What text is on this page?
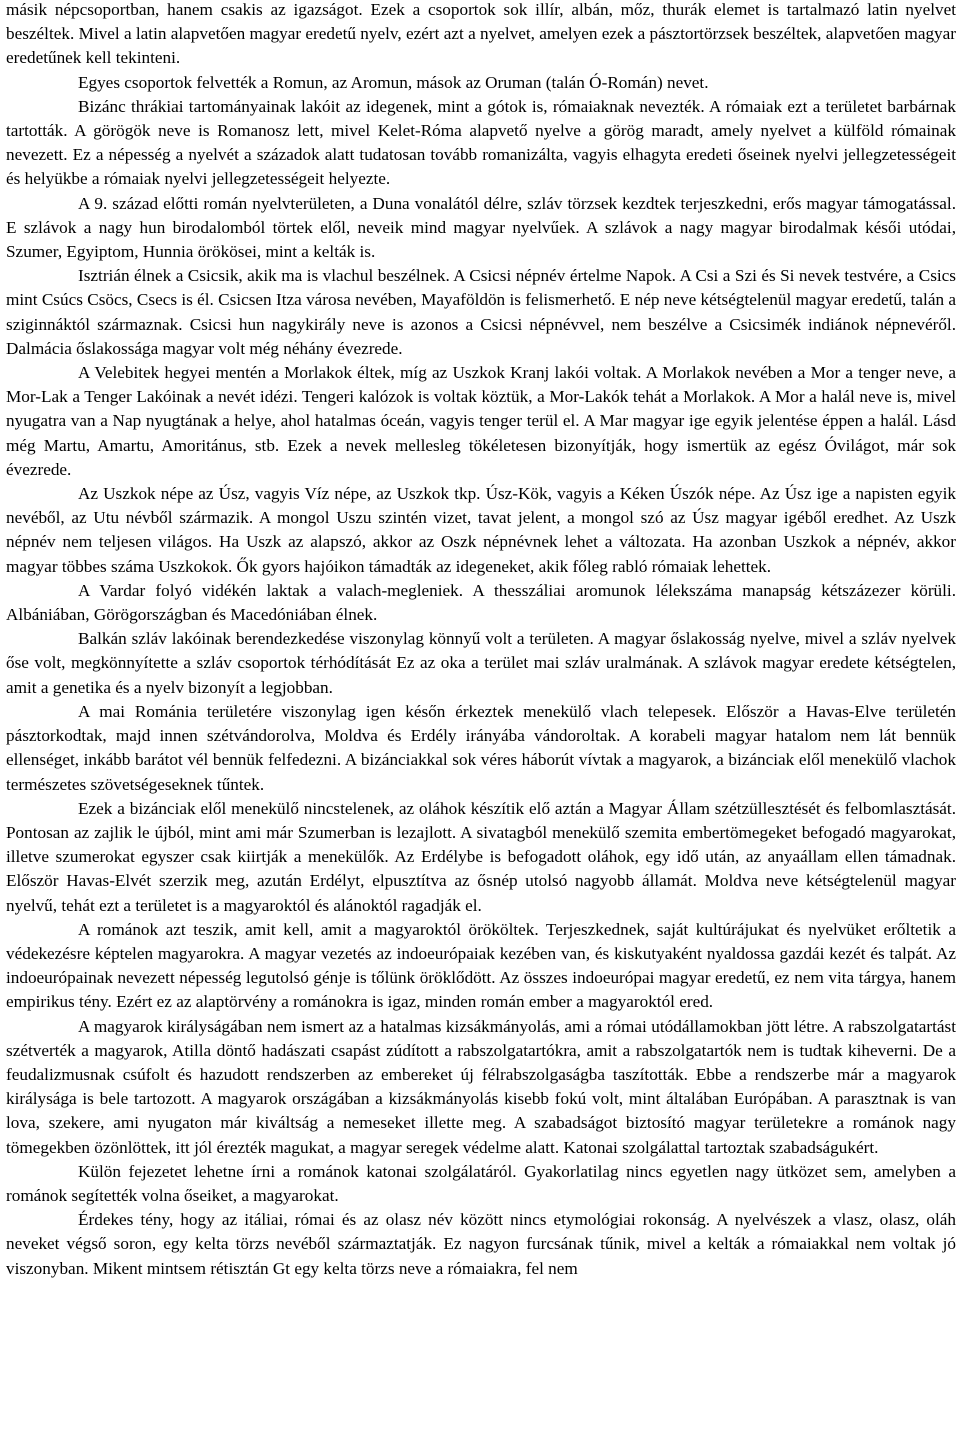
másik népcsoportban, hanem csakis az igazságot. Ezek a csoportok sok illír, albán, mőz, thurák elemet is tartalmazó latin nyelvet beszéltek. Mivel a latin alapvetően magyar eredetű nyelv, ezért azt a nyelvet, amelyen ezek a pásztortörzsek beszéltek, alapvetően magyar eredetűnek kell tekinteni.

Egyes csoportok felvették a Romun, az Aromun, mások az Oruman (talán Ó-Román) nevet.

Bizánc thrákiai tartományainak lakóit az idegenek, mint a gótok is, rómaiaknak nevezték. A rómaiak ezt a területet barbárnak tartották. A görögök neve is Romanosz lett, mivel Kelet-Róma alapvető nyelve a görög maradt, amely nyelvet a külföld rómainak nevezett. Ez a népesség a nyelvét a századok alatt tudatosan tovább romanizálta, vagyis elhagyta eredeti őseinek nyelvi jellegzetességeit és helyükbe a rómaiak nyelvi jellegzetességeit helyezte.

A 9. század előtti román nyelvterületen, a Duna vonalától délre, szláv törzsek kezdtek terjeszkedni, erős magyar támogatással. E szlávok a nagy hun birodalomból törtek elől, neveik mind magyar nyelvűek. A szlávok a nagy magyar birodalmak késői utódai, Szumer, Egyiptom, Hunnia örökösei, mint a kelták is.

Isztrián élnek a Csicsik, akik ma is vlachul beszélnek. A Csicsi népnév értelme Napok. A Csi a Szi és Si nevek testvére, a Csics mint Csúcs Csöcs, Csecs is él. Csicsen Itza városa nevében, Mayaföldön is felismerhető. E nép neve kétségtelenül magyar eredetű, talán a sziginnáktól származnak. Csicsi hun nagykirály neve is azonos a Csicsi népnévvel, nem beszélve a Csicsimék indiánok népnevéről. Dalmácia őslakossága magyar volt még néhány évezrede.

A Velebitek hegyei mentén a Morlakok éltek, míg az Uszkok Kranj lakói voltak. A Morlakok nevében a Mor a tenger neve, a Mor-Lak a Tenger Lakóinak a nevét idézi. Tengeri kalózok is voltak köztük, a Mor-Lakók tehát a Morlakok. A Mor a halál neve is, mivel nyugatra van a Nap nyugtának a helye, ahol hatalmas óceán, vagyis tenger terül el. A Mar magyar ige egyik jelentése éppen a halál. Lásd még Martu, Amartu, Amoritánus, stb. Ezek a nevek mellesleg tökéletesen bizonyítják, hogy ismertük az egész Óvilágot, már sok évezrede.

Az Uszkok népe az Úsz, vagyis Víz népe, az Uszkok tkp. Úsz-Kök, vagyis a Kéken Úszók népe. Az Úsz ige a napisten egyik nevéből, az Utu névből származik. A mongol Uszu szintén vizet, tavat jelent, a mongol szó az Úsz magyar igéből eredhet. Az Uszk népnév nem teljesen világos. Ha Uszk az alapszó, akkor az Oszk népnévnek lehet a változata. Ha azonban Uszkok a népnév, akkor magyar többes száma Uszkokok. Ők gyors hajóikon támadták az idegeneket, akik főleg rabló rómaiak lehettek.

A Vardar folyó vidékén laktak a valach-megleniek. A thesszáliai aromunok lélekszáma manapság kétszázezer körüli. Albániában, Görögországban és Macedóniában élnek.

Balkán szláv lakóinak berendezkedése viszonylag könnyű volt a területen. A magyar őslakosság nyelve, mivel a szláv nyelvek őse volt, megkönnyítette a szláv csoportok térhódítását Ez az oka a terület mai szláv uralmának. A szlávok magyar eredete kétségtelen, amit a genetika és a nyelv bizonyít a legjobban.

A mai Románia területére viszonylag igen későn érkeztek menekülő vlach telepesek. Először a Havas-Elve területén pásztorkodtak, majd innen szétvándorolva, Moldva és Erdély irányába vándoroltak. A korabeli magyar hatalom nem lát bennük ellenséget, inkább barátot vél bennük felfedezni. A bizánciakkal sok véres háborút vívtak a magyarok, a bizánciak elől menekülő vlachok természetes szövetségeseknek tűntek.

Ezek a bizánciak elől menekülő nincstelenek, az oláhok készítik elő aztán a Magyar Állam szétzüllesztését és felbomlasztását. Pontosan az zajlik le újból, mint ami már Szumerban is lezajlott. A sivatagból menekülő szemita embertömegeket befogadó magyarokat, illetve szumerokat egyszer csak kiirtják a menekülők. Az Erdélybe is befogadott oláhok, egy idő után, az anyaállam ellen támadnak. Először Havas-Elvét szerzik meg, azután Erdélyt, elpusztítva az ősnép utolsó nagyobb államát. Moldva neve kétségtelenül magyar nyelvű, tehát ezt a területet is a magyaroktól és alánoktól ragadják el.

A románok azt teszik, amit kell, amit a magyaroktól örököltek. Terjeszkednek, saját kultúrájukat és nyelvüket erőltetik a védekezésre képtelen magyarokra. A magyar vezetés az indoeurópaiak kezében van, és kiskutyaként nyaldossa gazdái kezét és talpát. Az indoeurópainak nevezett népesség legutolsó génje is tőlünk öröklődött. Az összes indoeurópai magyar eredetű, ez nem vita tárgya, hanem empirikus tény. Ezért ez az alaptörvény a románokra is igaz, minden román ember a magyaroktól ered.

A magyarok királyságában nem ismert az a hatalmas kizsákmányolás, ami a római utódállamokban jött létre. A rabszolgatartást szétverték a magyarok, Atilla döntő hadászati csapást zúdított a rabszolgatartókra, amit a rabszolgatartók nem is tudtak kiheverni. De a feudalizmusnak csúfolt és hazudott rendszerben az embereket új félrabszolgaságba taszították. Ebbe a rendszerbe már a magyarok királysága is bele tartozott. A magyarok országában a kizsákmányolás kisebb fokú volt, mint általában Európában. A parasztnak is van lova, szekere, ami nyugaton már kiváltság a nemeseket illette meg. A szabadságot biztosító magyar területekre a románok nagy tömegekben özönlöttek, itt jól érezték magukat, a magyar seregek védelme alatt. Katonai szolgálattal tartoztak szabadságukért.

Külön fejezetet lehetne írni a románok katonai szolgálatáról. Gyakorlatilag nincs egyetlen nagy ütközet sem, amelyben a románok segítették volna őseiket, a magyarokat.

Érdekes tény, hogy az itáliai, római és az olasz név között nincs etymológiai rokonság. A nyelvészek a vlasz, olasz, oláh neveket végső soron, egy kelta törzs nevéből származtatják. Ez nagyon furcsának tűnik, mivel a kelták a rómaiakkal nem voltak jó viszonyban. Mikent mintsem rétisztán Gt egy kelta törzs neve a rómaiakra, fel nem
